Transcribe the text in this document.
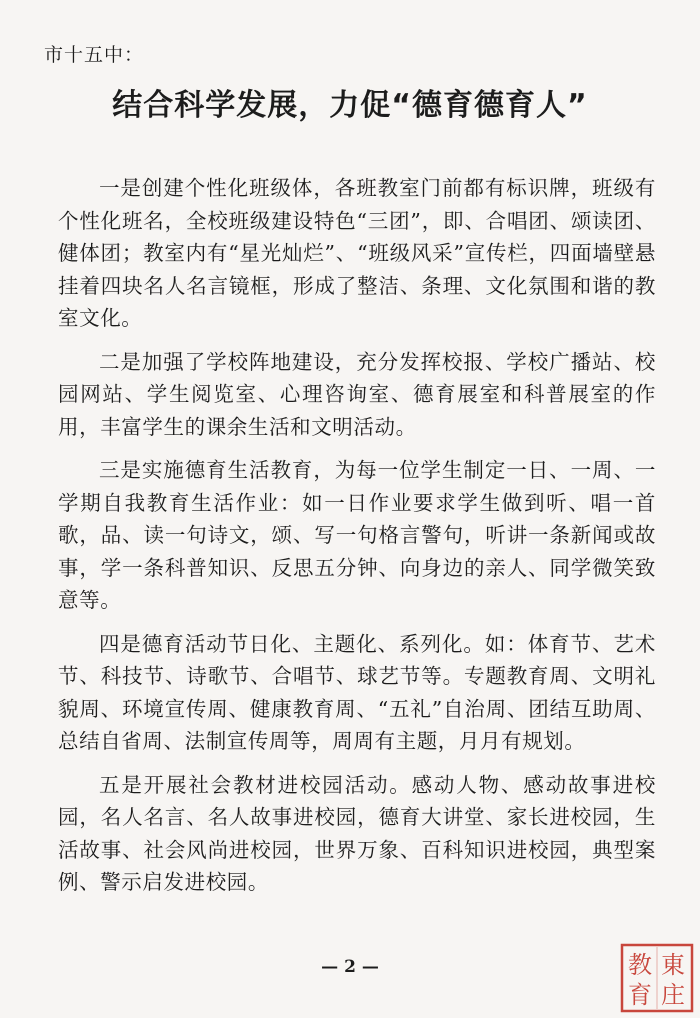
市十五中：
结合科学发展，力促“德育德育人”

一是创建个性化班级体，各班教室门前都有标识牌，班级有个性化班名，全校班级建设特色“三团”，即、合唱团、颂读团、健体团；教室内有“星光灿烂”、“班级风采”宣传栏，四面墙壁悬挂着四块名人名言镜框，形成了整洁、条理、文化氛围和谐的教室文化。

二是加强了学校阵地建设，充分发挥校报、学校广播站、校园网站、学生阅览室、心理咨询室、德育展室和科普展室的作用，丰富学生的课余生活和文明活动。

三是实施德育生活教育，为每一位学生制定一日、一周、一学期自我教育生活作业：如一日作业要求学生做到听、唱一首歌，品、读一句诗文，颂、写一句格言警句，听讲一条新闻或故事，学一条科普知识、反思五分钟、向身边的亲人、同学微笑致意等。

四是德育活动节日化、主题化、系列化。如：体育节、艺术节、科技节、诗歌节、合唱节、球艺节等。专题教育周、文明礼貌周、环境宣传周、健康教育周、“五礼”自治周、团结互助周、总结自省周、法制宣传周等，周周有主题，月月有规划。

五是开展社会教材进校园活动。感动人物、感动故事进校园，名人名言、名人故事进校园，德育大讲堂、家长进校园，生活故事、社会风尚进校园，世界万象、百科知识进校园，典型案例、警示启发进校园。

— 2 —	東
教
庄
育
